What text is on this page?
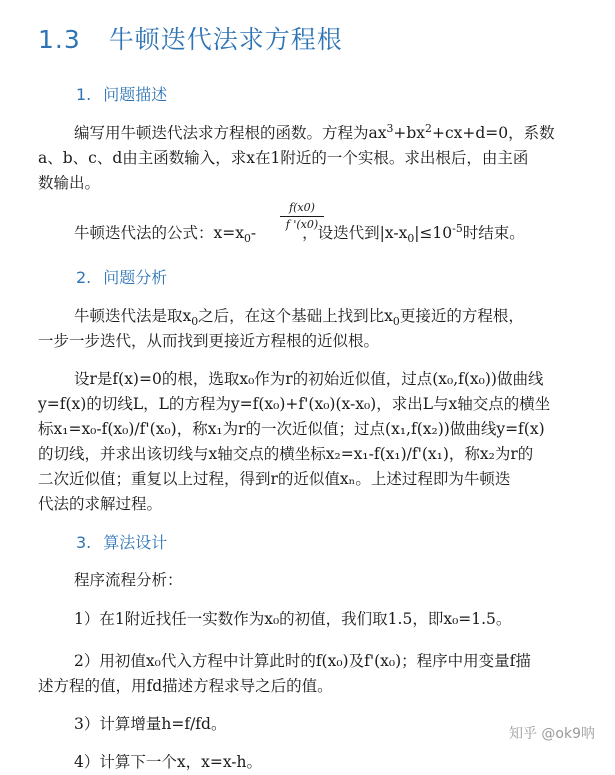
1.3 牛顿迭代法求方程根
1. 问题描述

编写用牛顿迭代法求方程根的函数。方程为$ax^3+bx^2+cx+d=0$，系数
a、b、c、d由主函数输入，求x在1附近的一个实根。求出根后，由主函
数输出。

$\frac{f(x0)}{f '(x0)}$
牛顿迭代法的公式：$x=x_0-$	，设迭代到$|x-x_0|\le 10^{-5}$时结束。
2. 问题分析

牛顿迭代法是取$x_0$之后，在这个基础上找到比$x_0$更接近的方程根，
一步一步迭代，从而找到更接近方程根的近似根。

设r是f(x)=0的根，选取x₀作为r的初始近似值，过点(x₀,f(x₀))做曲线
y=f(x)的切线L，L的方程为y=f(x₀)+f'(x₀)(x-x₀)，求出L与x轴交点的横坐
标x₁=x₀-f(x₀)/f'(x₀)，称x₁为r的一次近似值；过点(x₁,f(x₂))做曲线y=f(x)
的切线，并求出该切线与x轴交点的横坐标x₂=x₁-f(x₁)/f'(x₁)，称x₂为r的
二次近似值；重复以上过程，得到r的近似值xₙ。上述过程即为牛顿迭
代法的求解过程。

3. 算法设计

程序流程分析：

1）在1附近找任一实数作为x₀的初值，我们取1.5，即x₀=1.5。

2）用初值x₀代入方程中计算此时的f(x₀)及f'(x₀)；程序中用变量f描
述方程的值，用fd描述方程求导之后的值。

3）计算增量h=f/fd。

4）计算下一个x，x=x-h。

知乎 @ok9呐
